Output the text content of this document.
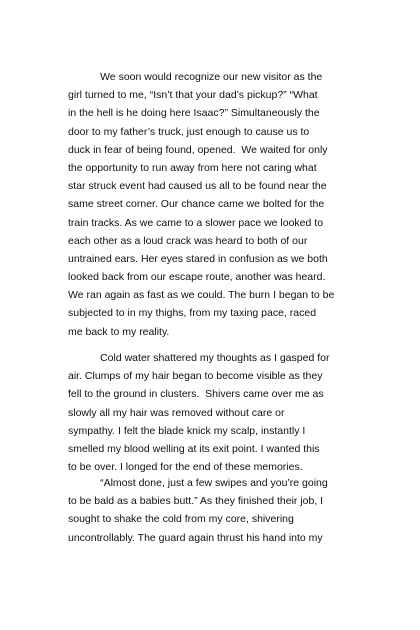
We soon would recognize our new visitor as the
girl turned to me, “Isn’t that your dad’s pickup?” “What
in the hell is he doing here Isaac?” Simultaneously the
door to my father’s truck, just enough to cause us to
duck in fear of being found, opened.  We waited for only
the opportunity to run away from here not caring what
star struck event had caused us all to be found near the
same street corner. Our chance came we bolted for the
train tracks. As we came to a slower pace we looked to
each other as a loud crack was heard to both of our
untrained ears. Her eyes stared in confusion as we both
looked back from our escape route, another was heard.
We ran again as fast as we could. The burn I began to be
subjected to in my thighs, from my taxing pace, raced
me back to my reality.

Cold water shattered my thoughts as I gasped for
air. Clumps of my hair began to become visible as they
fell to the ground in clusters.  Shivers came over me as
slowly all my hair was removed without care or
sympathy. I felt the blade knick my scalp, instantly I
smelled my blood welling at its exit point. I wanted this
to be over. I longed for the end of these memories.

“Almost done, just a few swipes and you’re going
to be bald as a babies butt.” As they finished their job, I
sought to shake the cold from my core, shivering
uncontrollably. The guard again thrust his hand into my
